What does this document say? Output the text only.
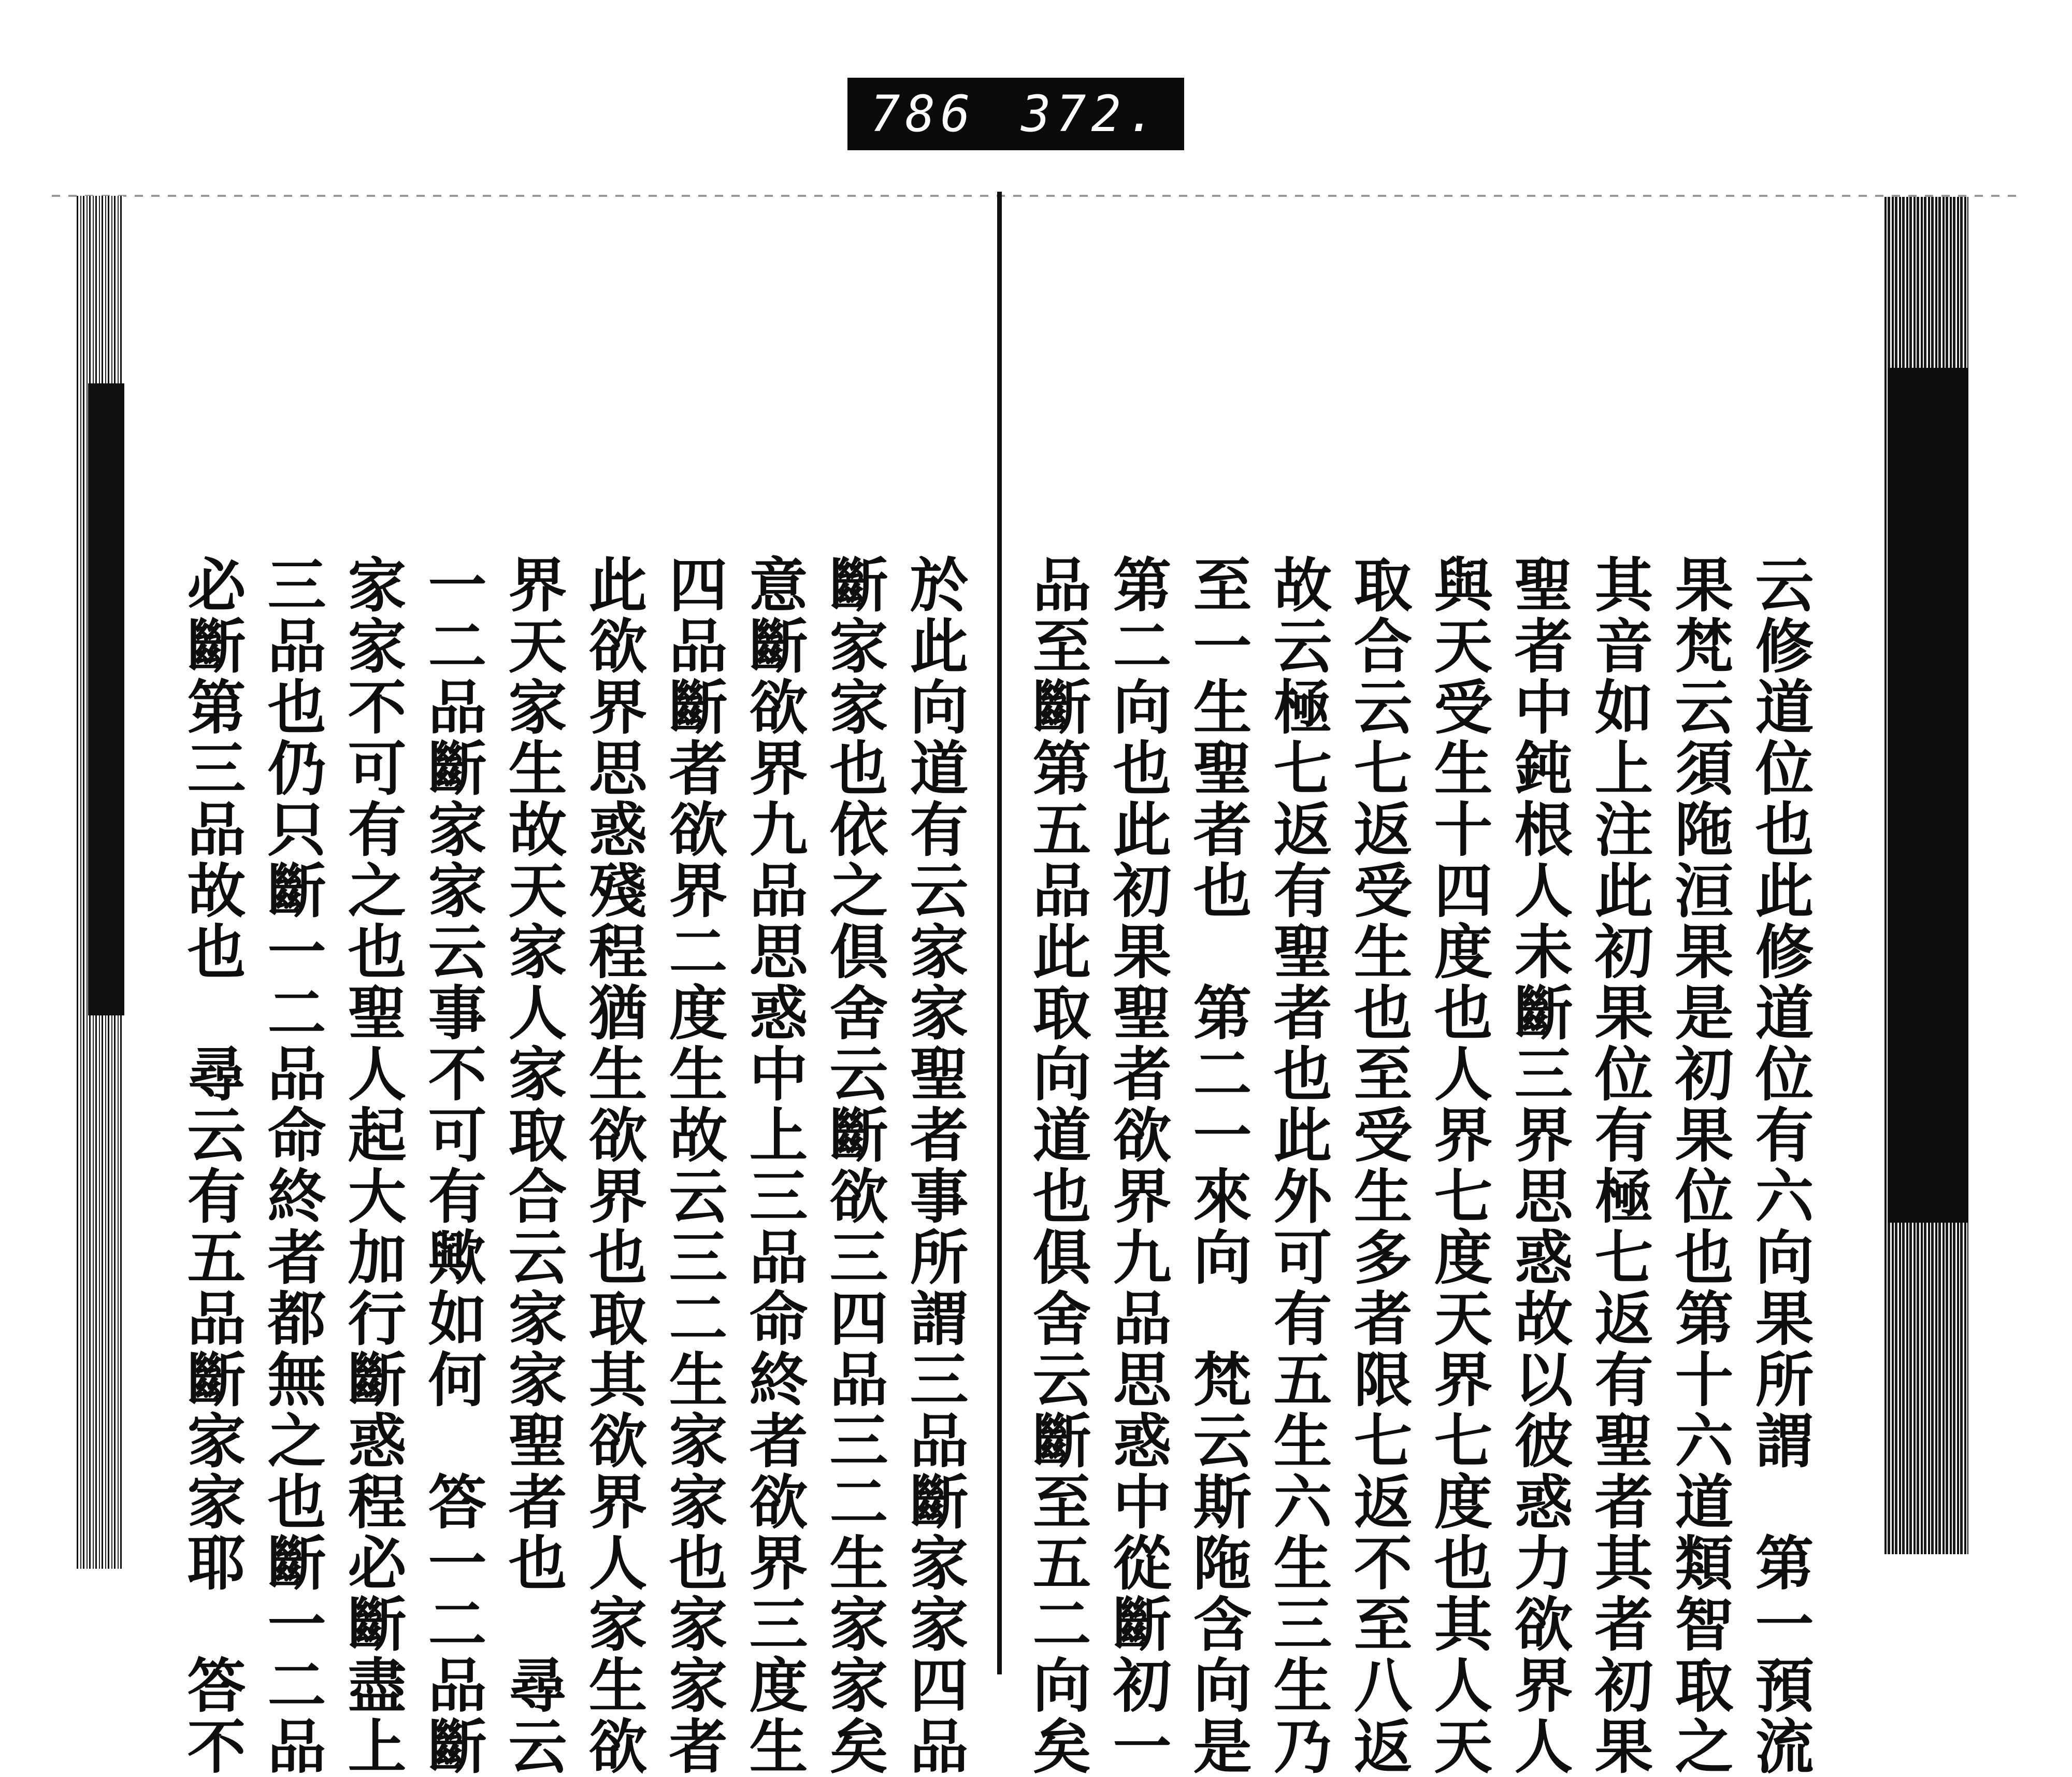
786 372.

於此向道有云家家聖者事所謂三品斷家家四品

斷家家也依之倶舍云斷欲三四品三二生家家矣

意斷欲界九品思惑中上三品命終者欲界三度生

四品斷者欲界二度生故云三二生家家也家家者

此欲界思惑殘程猶生欲界也取其欲界人家生欲

界天家生故天家人家取合云家家聖者也　尋云

一二品斷家家云事不可有歟如何　答一二品斷

家家不可有之也聖人起大加行斷惑程必斷盡上

三品也仍只斷一二品命終者都無之也斷一二品

必斷第三品故也　尋云有五品斷家家耶　答不	云修道位也此修道位有六向果所謂　第一預流

果梵云須陁洹果是初果位也第十六道類智取之

其音如上注此初果位有極七返有聖者其者初果

聖者中鈍根人未斷三界思惑故以彼惑力欲界人

與天受生十四度也人界七度天界七度也其人天

取合云七返受生也至受生多者限七返不至八返

故云極七返有聖者也此外可有五生六生三生乃

至一生聖者也　第二一來向　梵云斯陁含向是

第二向也此初果聖者欲界九品思惑中從斷初一

品至斷第五品此取向道也俱舍云斷至五二向矣
